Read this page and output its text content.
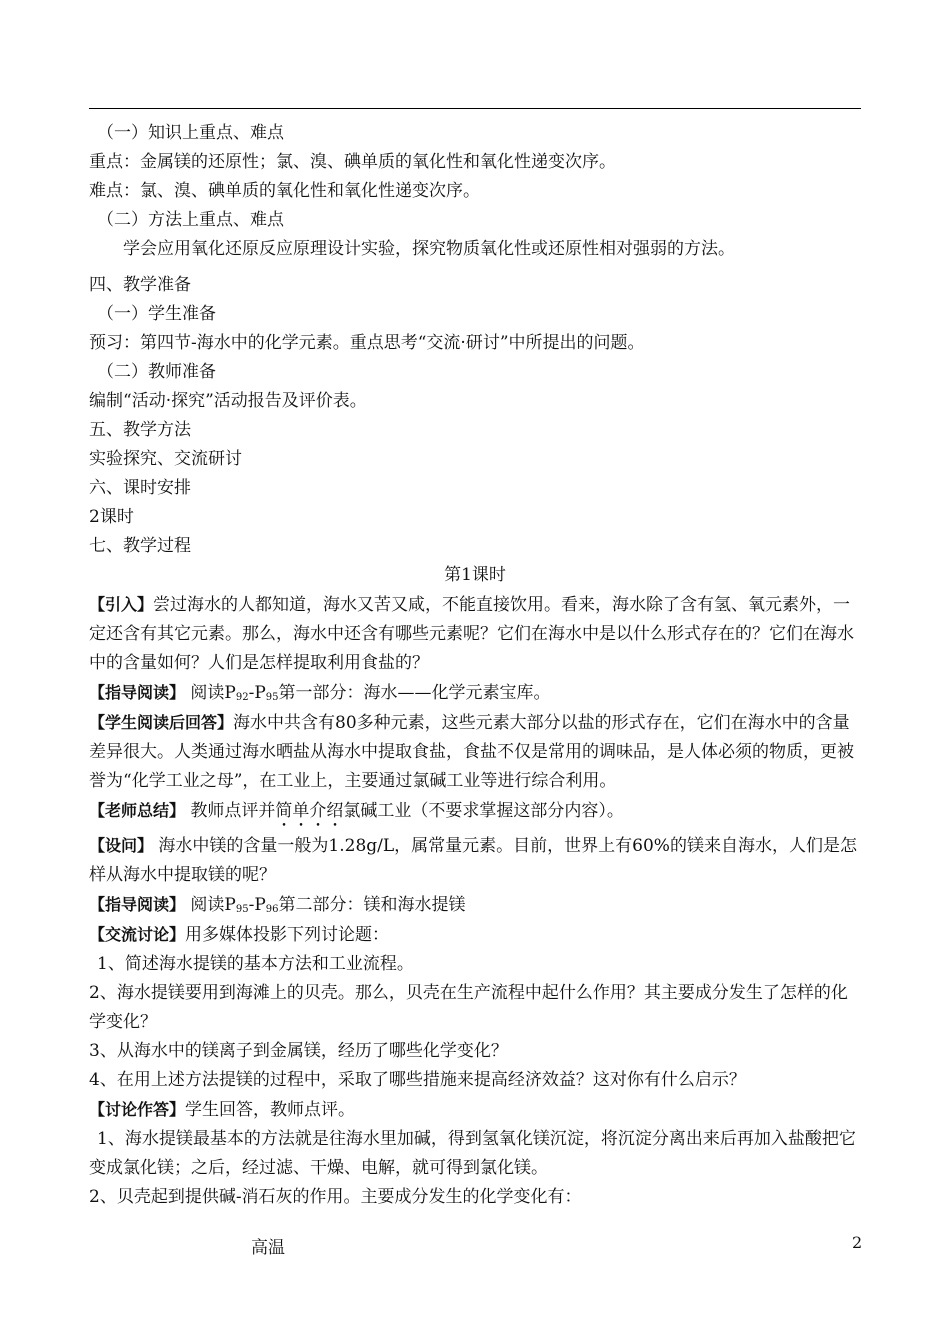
（一）知识上重点、难点

重点：金属镁的还原性；氯、溴、碘单质的氧化性和氧化性递变次序。

难点：氯、溴、碘单质的氧化性和氧化性递变次序。

（二）方法上重点、难点

学会应用氧化还原反应原理设计实验，探究物质氧化性或还原性相对强弱的方法。

四、教学准备

（一）学生准备

预习：第四节-海水中的化学元素。重点思考“交流·研讨”中所提出的问题。

（二）教师准备

编制“活动·探究”活动报告及评价表。

五、教学方法

实验探究、交流研讨

六、课时安排

2课时

七、教学过程

第1课时

【引入】尝过海水的人都知道，海水又苦又咸，不能直接饮用。看来，海水除了含有氢、氧元素外，一定还含有其它元素。那么，海水中还含有哪些元素呢？它们在海水中是以什么形式存在的？它们在海水中的含量如何？人们是怎样提取利用食盐的？

【指导阅读】 阅读$P_{92}-P_{95}$第一部分：海水——化学元素宝库。

【学生阅读后回答】海水中共含有80多种元素，这些元素大部分以盐的形式存在，它们在海水中的含量差异很大。人类通过海水晒盐从海水中提取食盐，食盐不仅是常用的调味品，是人体必须的物质，更被誉为“化学工业之母”，在工业上，主要通过氯碱工业等进行综合利用。

【老师总结】 教师点评并简单介绍氯碱工业（不要求掌握这部分内容）。

【设问】 海水中镁的含量一般为1.28g/L，属常量元素。目前，世界上有60%的镁来自海水，人们是怎样从海水中提取镁的呢？

【指导阅读】 阅读$P_{95}-P_{96}$第二部分：镁和海水提镁

【交流讨论】用多媒体投影下列讨论题：

1、简述海水提镁的基本方法和工业流程。

2、海水提镁要用到海滩上的贝壳。那么，贝壳在生产流程中起什么作用？其主要成分发生了怎样的化学变化？

3、从海水中的镁离子到金属镁，经历了哪些化学变化？

4、在用上述方法提镁的过程中，采取了哪些措施来提高经济效益？这对你有什么启示？

【讨论作答】学生回答，教师点评。

1、海水提镁最基本的方法就是往海水里加碱，得到氢氧化镁沉淀，将沉淀分离出来后再加入盐酸把它变成氯化镁；之后，经过滤、干燥、电解，就可得到氯化镁。

2、贝壳起到提供碱-消石灰的作用。主要成分发生的化学变化有：

高温	2
